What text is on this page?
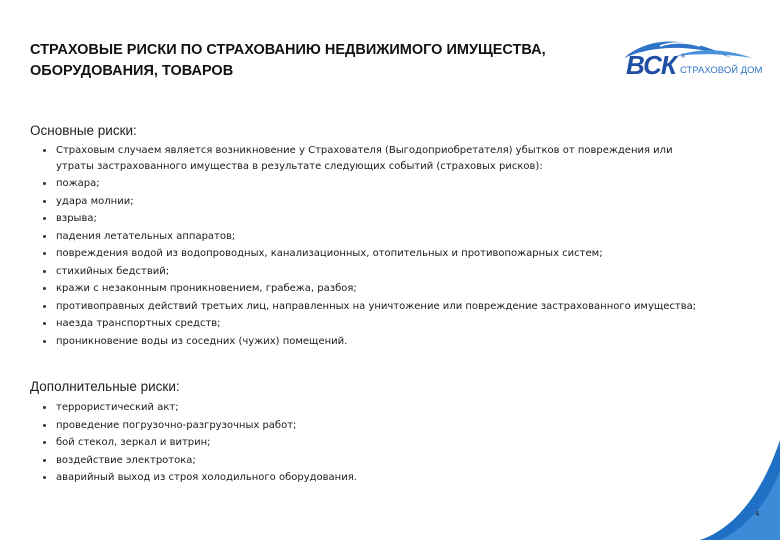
СТРАХОВЫЕ РИСКИ ПО СТРАХОВАНИЮ НЕДВИЖИМОГО ИМУЩЕСТВА,
ОБОРУДОВАНИЯ, ТОВАРОВ	ВСК ®
СТРАХОВОЙ ДОМ
Основные риски:
Страховым случаем является возникновение у Страхователя (Выгодоприобретателя) убытков от повреждения или утраты застрахованного имущества в результате следующих событий (страховых рисков):
пожара;
удара молнии;
взрыва;
падения летательных аппаратов;
повреждения водой из водопроводных, канализационных, отопительных и противопожарных систем;
стихийных бедствий;
кражи с незаконным проникновением, грабежа, разбоя;
противоправных действий третьих лиц, направленных на уничтожение или повреждение застрахованного имущества;
наезда транспортных средств;
проникновение воды из соседних (чужих) помещений.
Дополнительные риски:
террористический акт;
проведение погрузочно-разгрузочных работ;
бой стекол, зеркал и витрин;
воздействие электротока;
аварийный выход из строя холодильного оборудования.
4
